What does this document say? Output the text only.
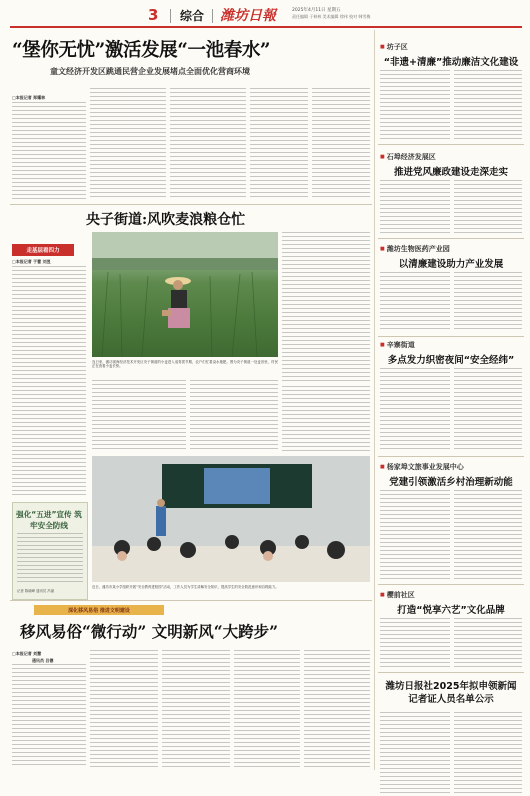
3 综合 潍坊日報	2025年4月11日 星期五
责任编辑 于林林 美术编辑 徐伟 校对 韩雪梅
“堡你无忧”激活发展“一池春水”
童文经济开发区跳通民营企业发展堵点全面优化营商环境
□本报记者 郑耀林
央子街道:风吹麦浪粮仓忙
走基层看四力
□本报记者 于蕾 刘昱
连日来，潍坊滨海经济技术开发区央子街道的小麦进入返青拔节期，农户们忙着浇水施肥。图为央子街道一处麦田里，村民正在查看小麦长势。
强化“五进”宣传 筑牢安全防线
记者 陈晓峰 通讯员 冯丽
近日，潍坊市某小学组织开展“安全教育进校园”活动，工作人员为学生讲解安全知识，提高学生的安全防范意识和自救能力。
深化移风易俗 推进文明建设
移风易俗“微行动” 文明新风“大跨步”
□本报记者 刘慧
通讯员 吕德
■ 坊子区
“非遗+清廉”推动廉洁文化建设
■ 石埠经济发展区
推进党风廉政建设走深走实
■ 潍坊生物医药产业园
以清廉建设助力产业发展
■ 辛寨街道
多点发力织密夜间“安全经纬”
■ 杨家埠文旅事业发展中心
党建引领激活乡村治理新动能
■ 樱前社区
打造“悦享六艺”文化品牌
潍坊日报社2025年拟申领新闻记者证人员名单公示
